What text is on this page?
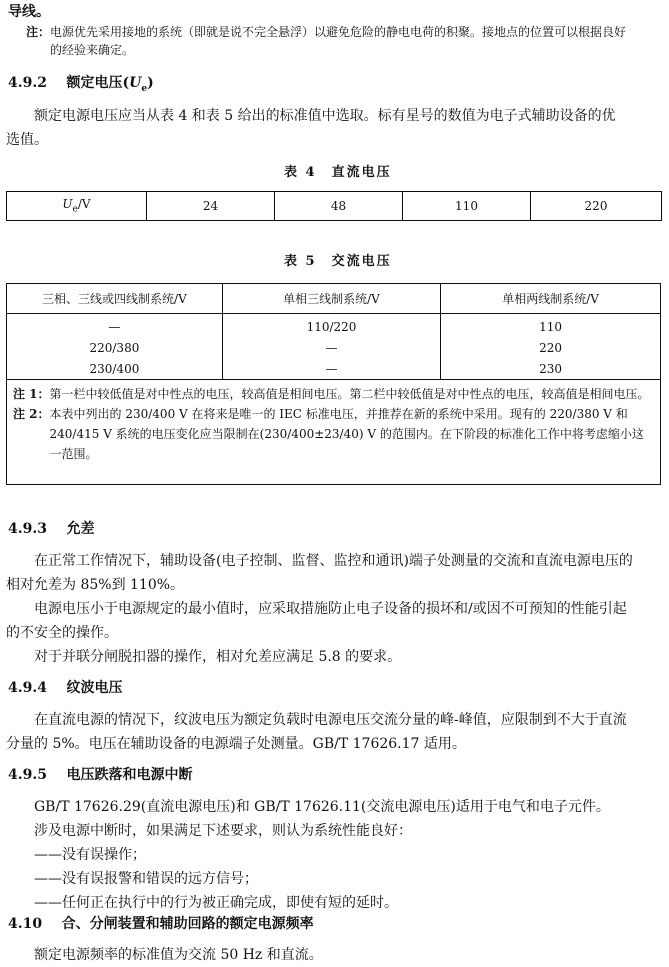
导线。
注：电源优先采用接地的系统（即就是说不完全悬浮）以避免危险的静电电荷的积聚。接地点的位置可以根据良好
的经验来确定。
4.9.2 额定电压$(U_e)$
额定电源电压应当从表 4 和表 5 给出的标准值中选取。标有星号的数值为电子式辅助设备的优
选值。
表 4　直流电压
$U_e/V$	24	48	110	220
表 5　交流电压
三相、三线或四线制系统/V	单相三线制系统/V	单相两线制系统/V
—	110/220	110
220/380	—	220
230/400	—	230
注 1： 第一栏中较低值是对中性点的电压，较高值是相间电压。第二栏中较低值是对中性点的电压，较高值是相间电压。
注 2： 本表中列出的 230/400 V 在将来是唯一的 IEC 标准电压，并推荐在新的系统中采用。现有的 220/380 V 和 240/415 V 系统的电压变化应当限制在(230/400±23/40) V 的范围内。在下阶段的标准化工作中将考虑缩小这一范围。
4.9.3 允差
在正常工作情况下，辅助设备(电子控制、监督、监控和通讯)端子处测量的交流和直流电源电压的
相对允差为 85%到 110%。
电源电压小于电源规定的最小值时，应采取措施防止电子设备的损坏和/或因不可预知的性能引起
的不安全的操作。
对于并联分闸脱扣器的操作，相对允差应满足 5.8 的要求。
4.9.4 纹波电压
在直流电源的情况下，纹波电压为额定负载时电源电压交流分量的峰-峰值，应限制到不大于直流
分量的 5%。电压在辅助设备的电源端子处测量。GB/T 17626.17 适用。
4.9.5 电压跌落和电源中断
GB/T 17626.29(直流电源电压)和 GB/T 17626.11(交流电源电压)适用于电气和电子元件。
涉及电源中断时，如果满足下述要求，则认为系统性能良好：
——没有误操作；
——没有误报警和错误的远方信号；
——任何正在执行中的行为被正确完成，即使有短的延时。
4.10 合、分闸装置和辅助回路的额定电源频率
额定电源频率的标准值为交流 50 Hz 和直流。
